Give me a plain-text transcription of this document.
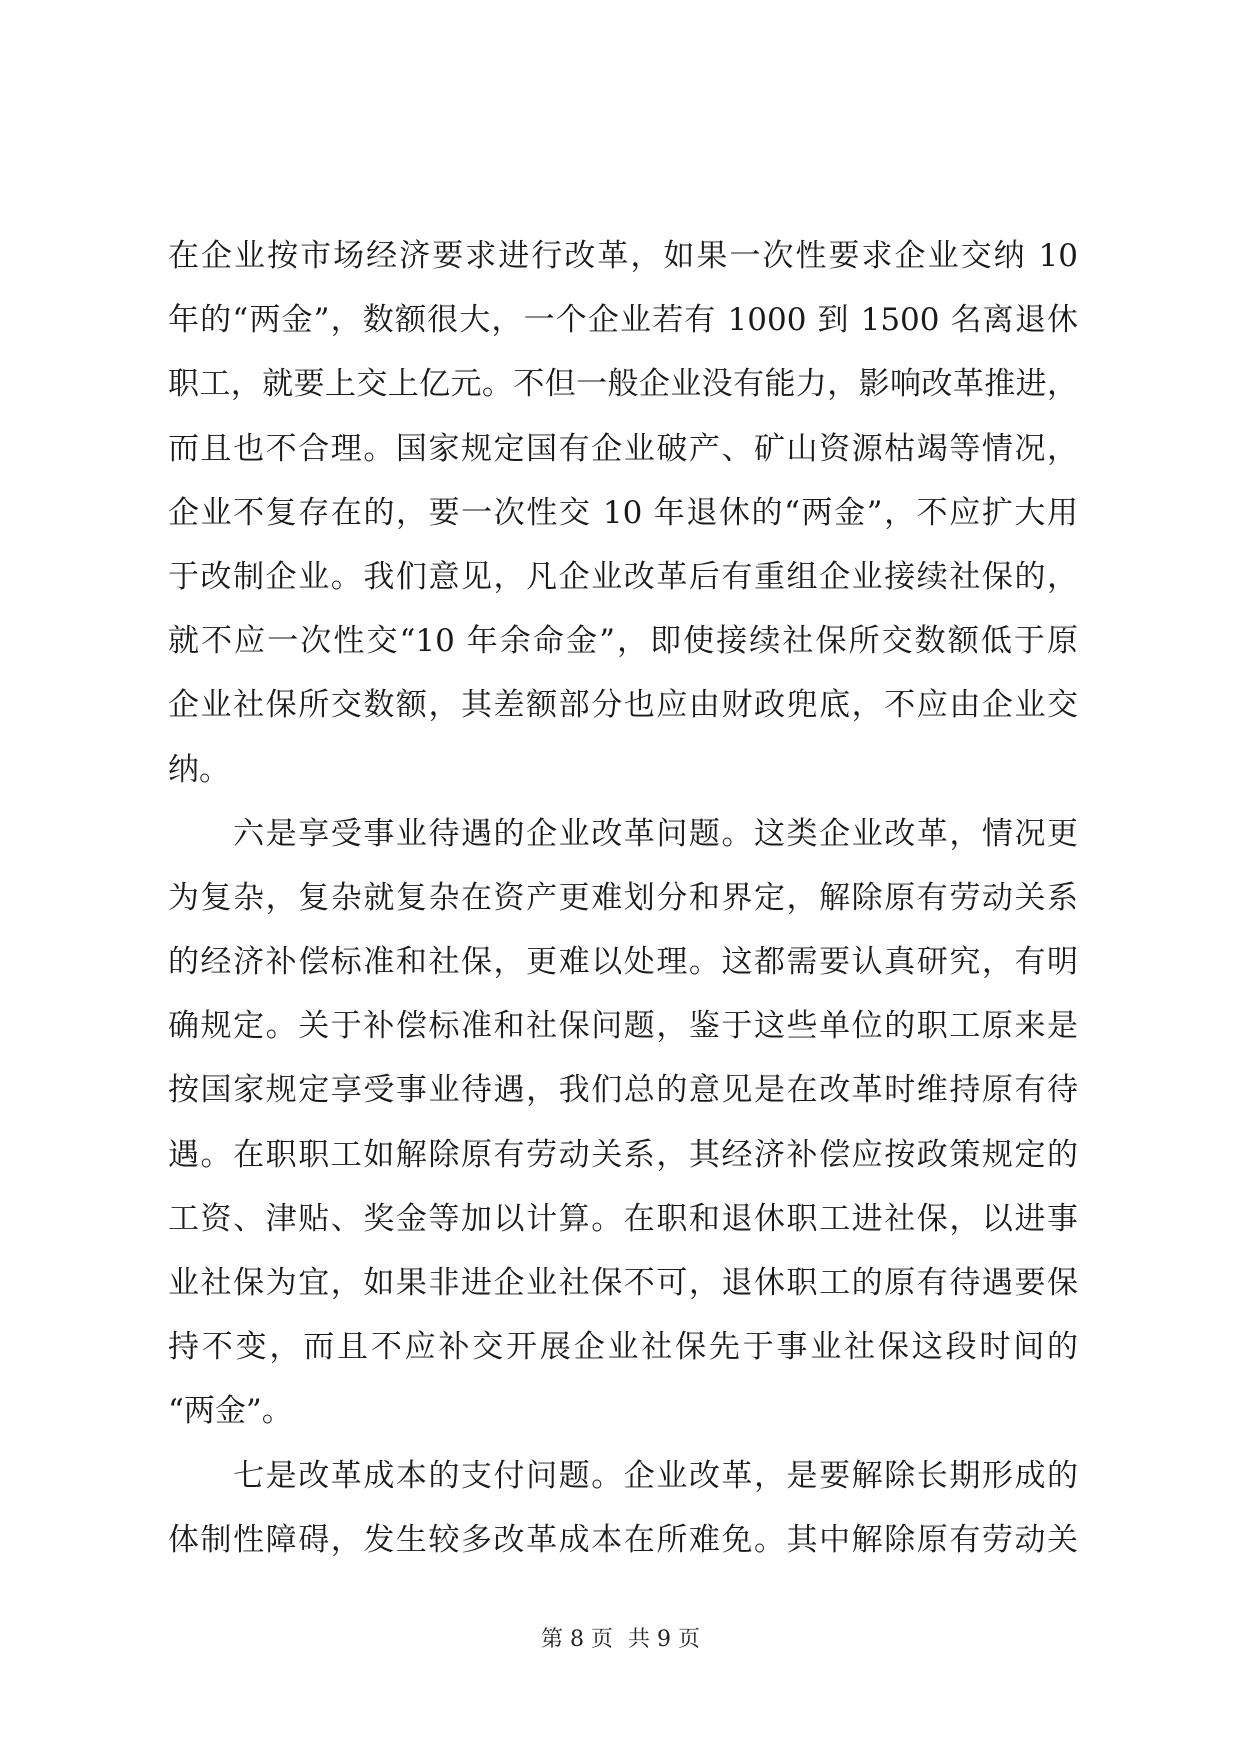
在企业按市场经济要求进行改革，如果一次性要求企业交纳 10
年的“两金”，数额很大，一个企业若有 1000 到 1500 名离退休
职工，就要上交上亿元。不但一般企业没有能力，影响改革推进，
而且也不合理。国家规定国有企业破产、矿山资源枯竭等情况，
企业不复存在的，要一次性交 10 年退休的“两金”，不应扩大用
于改制企业。我们意见，凡企业改革后有重组企业接续社保的，
就不应一次性交“10 年余命金”，即使接续社保所交数额低于原
企业社保所交数额，其差额部分也应由财政兜底，不应由企业交
纳。
　　六是享受事业待遇的企业改革问题。这类企业改革，情况更
为复杂，复杂就复杂在资产更难划分和界定，解除原有劳动关系
的经济补偿标准和社保，更难以处理。这都需要认真研究，有明
确规定。关于补偿标准和社保问题，鉴于这些单位的职工原来是
按国家规定享受事业待遇，我们总的意见是在改革时维持原有待
遇。在职职工如解除原有劳动关系，其经济补偿应按政策规定的
工资、津贴、奖金等加以计算。在职和退休职工进社保，以进事
业社保为宜，如果非进企业社保不可，退休职工的原有待遇要保
持不变，而且不应补交开展企业社保先于事业社保这段时间的
“两金”。
　　七是改革成本的支付问题。企业改革，是要解除长期形成的
体制性障碍，发生较多改革成本在所难免。其中解除原有劳动关
第 8 页 共 9 页
